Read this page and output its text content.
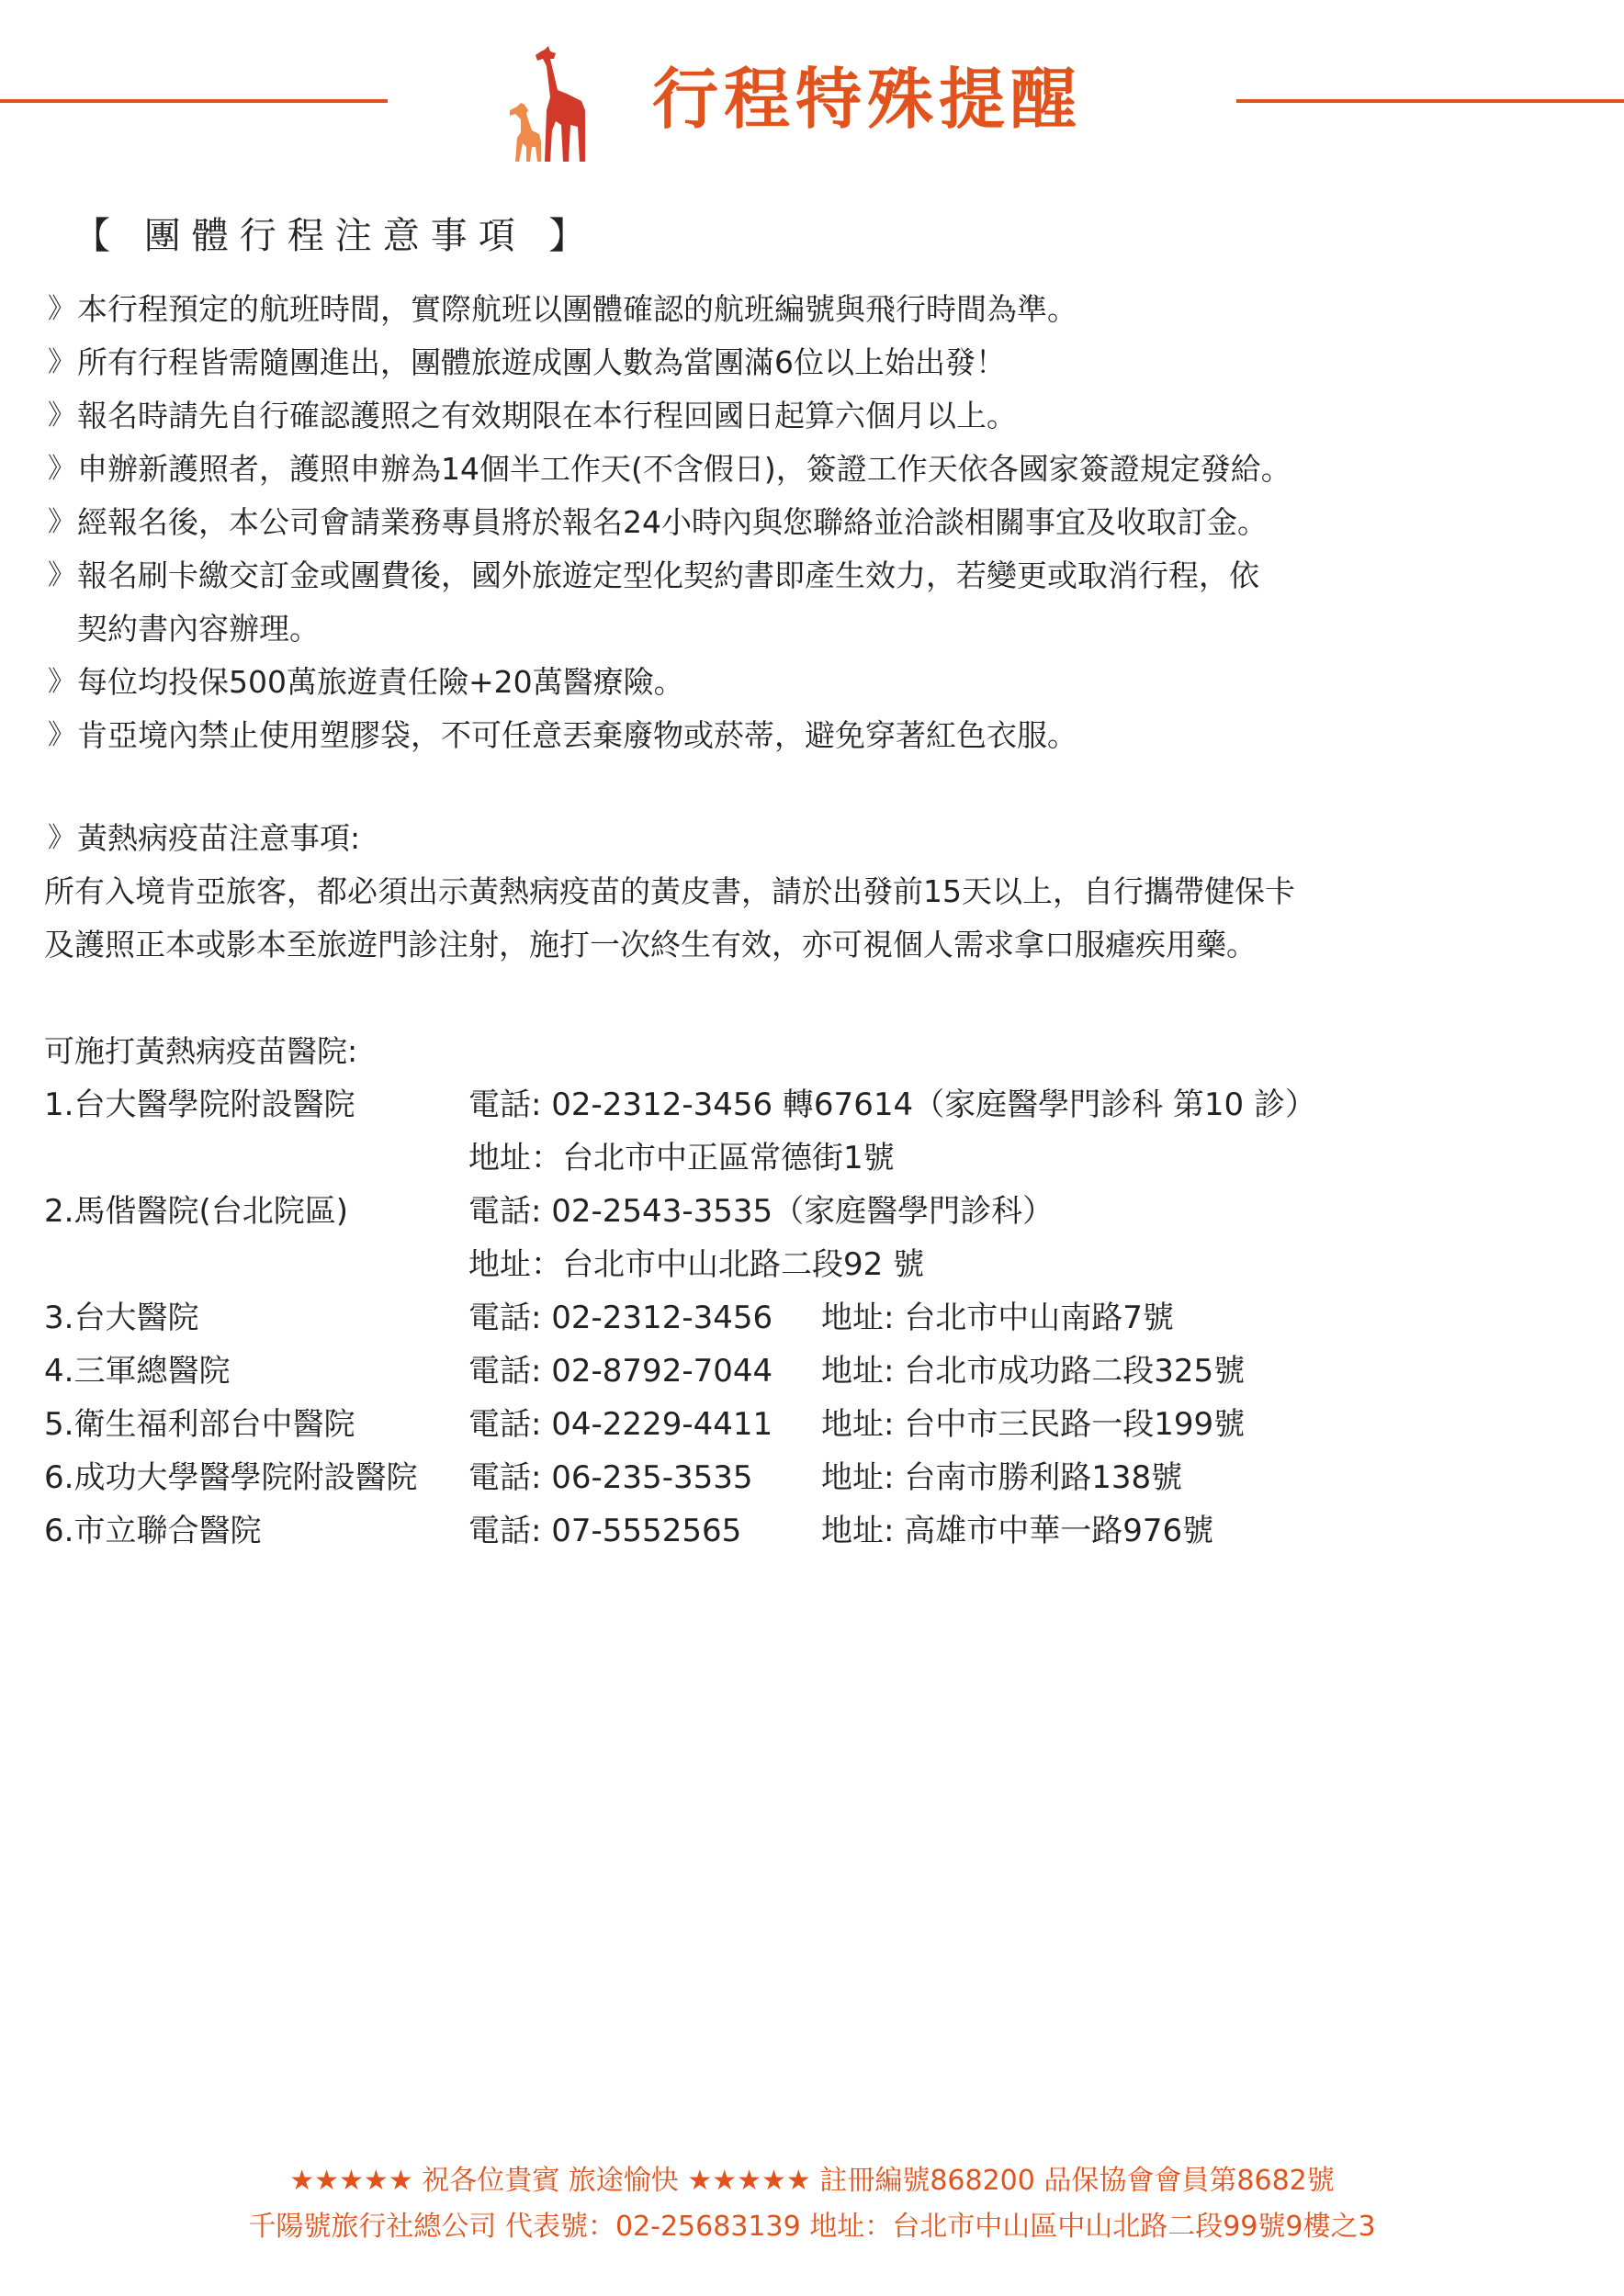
行程特殊提醒
【 團體行程注意事項 】
》 本行程預定的航班時間，實際航班以團體確認的航班編號與飛行時間為準。
》 所有行程皆需隨團進出，團體旅遊成團人數為當團滿6位以上始出發！
》 報名時請先自行確認護照之有效期限在本行程回國日起算六個月以上。
》 申辦新護照者，護照申辦為14個半工作天(不含假日)，簽證工作天依各國家簽證規定發給。
》 經報名後，本公司會請業務專員將於報名24小時內與您聯絡並洽談相關事宜及收取訂金。
》 報名刷卡繳交訂金或團費後，國外旅遊定型化契約書即產生效力，若變更或取消行程，依
契約書內容辦理。
》 每位均投保500萬旅遊責任險+20萬醫療險。
》 肯亞境內禁止使用塑膠袋，不可任意丟棄廢物或菸蒂，避免穿著紅色衣服。
》 黃熱病疫苗注意事項:
所有入境肯亞旅客，都必須出示黃熱病疫苗的黃皮書，請於出發前15天以上，自行攜帶健保卡
及護照正本或影本至旅遊門診注射，施打一次終生有效，亦可視個人需求拿口服瘧疾用藥。
可施打黃熱病疫苗醫院:
1.台大醫學院附設醫院	電話: 02-2312-3456 轉67614（家庭醫學門診科 第10 診）
地址：台北市中正區常德街1號
2.馬偕醫院(台北院區)	電話: 02-2543-3535（家庭醫學門診科）
地址：台北市中山北路二段92 號
3.台大醫院	電話: 02-2312-3456 地址: 台北市中山南路7號
4.三軍總醫院	電話: 02-8792-7044 地址: 台北市成功路二段325號
5.衛生福利部台中醫院	電話: 04-2229-4411 地址: 台中市三民路一段199號
6.成功大學醫學院附設醫院 電話: 06-235-3535 地址: 台南市勝利路138號
6.市立聯合醫院	電話: 07-5552565	地址: 高雄市中華一路976號
★★★★★ 祝各位貴賓 旅途愉快 ★★★★★ 註冊編號868200 品保協會會員第8682號
千陽號旅行社總公司 代表號：02-25683139 地址：台北市中山區中山北路二段99號9樓之3
